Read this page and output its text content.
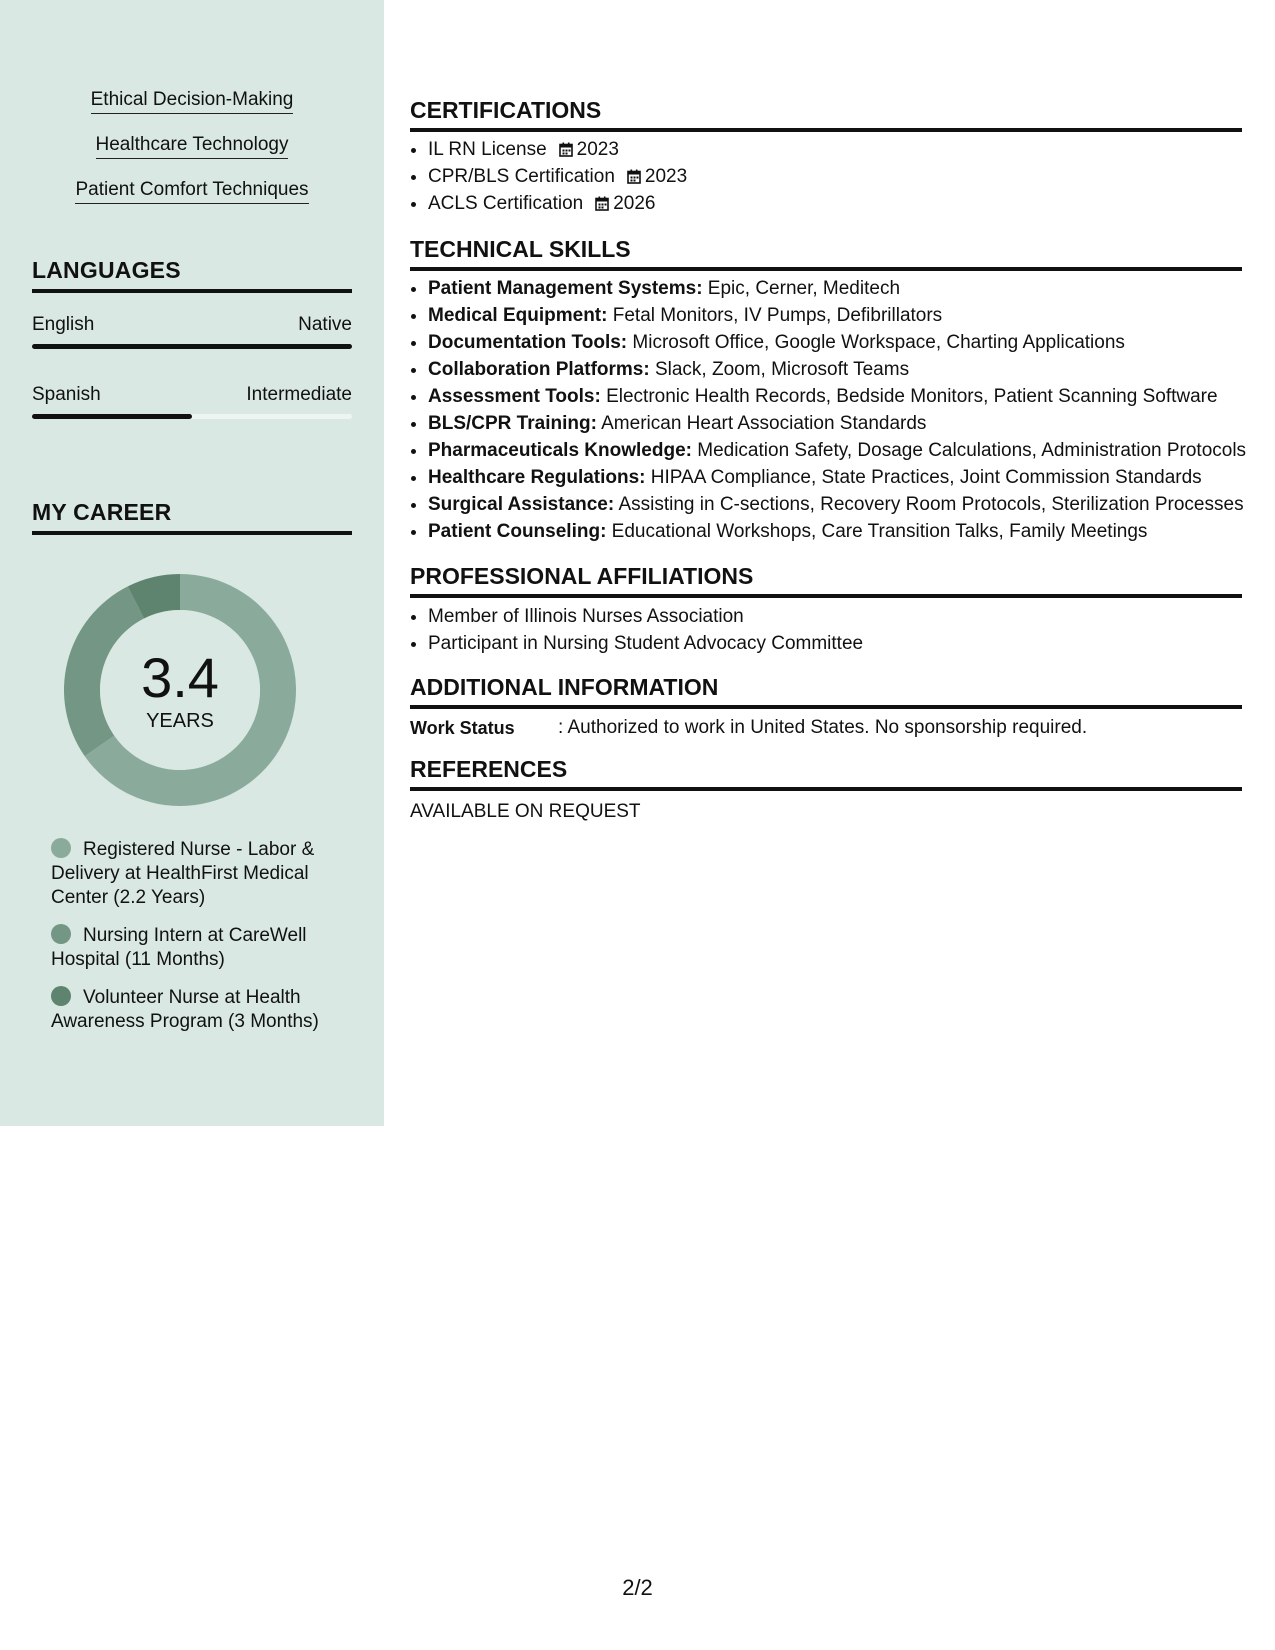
Ethical Decision-Making
Healthcare Technology
Patient Comfort Techniques
LANGUAGES
English	Native
Spanish	Intermediate
MY CAREER
3.4
YEARS
Registered Nurse - Labor & Delivery at HealthFirst Medical Center (2.2 Years)
Nursing Intern at CareWell Hospital (11 Months)
Volunteer Nurse at Health Awareness Program (3 Months)
CERTIFICATIONS
• IL RN License 2023
• CPR/BLS Certification 2023
• ACLS Certification 2026
TECHNICAL SKILLS
• Patient Management Systems: Epic, Cerner, Meditech
• Medical Equipment: Fetal Monitors, IV Pumps, Defibrillators
• Documentation Tools: Microsoft Office, Google Workspace, Charting Applications
• Collaboration Platforms: Slack, Zoom, Microsoft Teams
• Assessment Tools: Electronic Health Records, Bedside Monitors, Patient Scanning Software
• BLS/CPR Training: American Heart Association Standards
• Pharmaceuticals Knowledge: Medication Safety, Dosage Calculations, Administration Protocols
• Healthcare Regulations: HIPAA Compliance, State Practices, Joint Commission Standards
• Surgical Assistance: Assisting in C-sections, Recovery Room Protocols, Sterilization Processes
• Patient Counseling: Educational Workshops, Care Transition Talks, Family Meetings
PROFESSIONAL AFFILIATIONS
• Member of Illinois Nurses Association
• Participant in Nursing Student Advocacy Committee
ADDITIONAL INFORMATION
Work Status : Authorized to work in United States. No sponsorship required.
REFERENCES
AVAILABLE ON REQUEST
2/2
